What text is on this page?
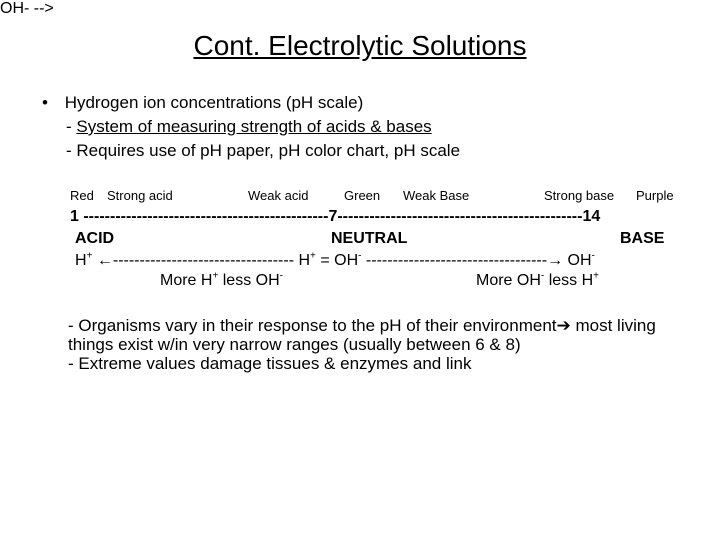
Cont. Electrolytic Solutions
• Hydrogen ion concentrations (pH scale)
- System of measuring strength of acids & bases
- Requires use of pH paper, pH color chart, pH scale
Red Strong acid	Weak acid	Green Weak Base	Strong base Purple
1 ----------------------------------------------7----------------------------------------------14
ACID	NEUTRAL	BASE
OH- -->
H+ ←---------------------------------- H+ = OH- ----------------------------------→ OH-
More H+ less OH-	More OH- less H+

- Organisms vary in their response to the pH of their environment➔ most living things exist w/in very narrow ranges (usually between 6 & 8)

- Extreme values damage tissues & enzymes and link
